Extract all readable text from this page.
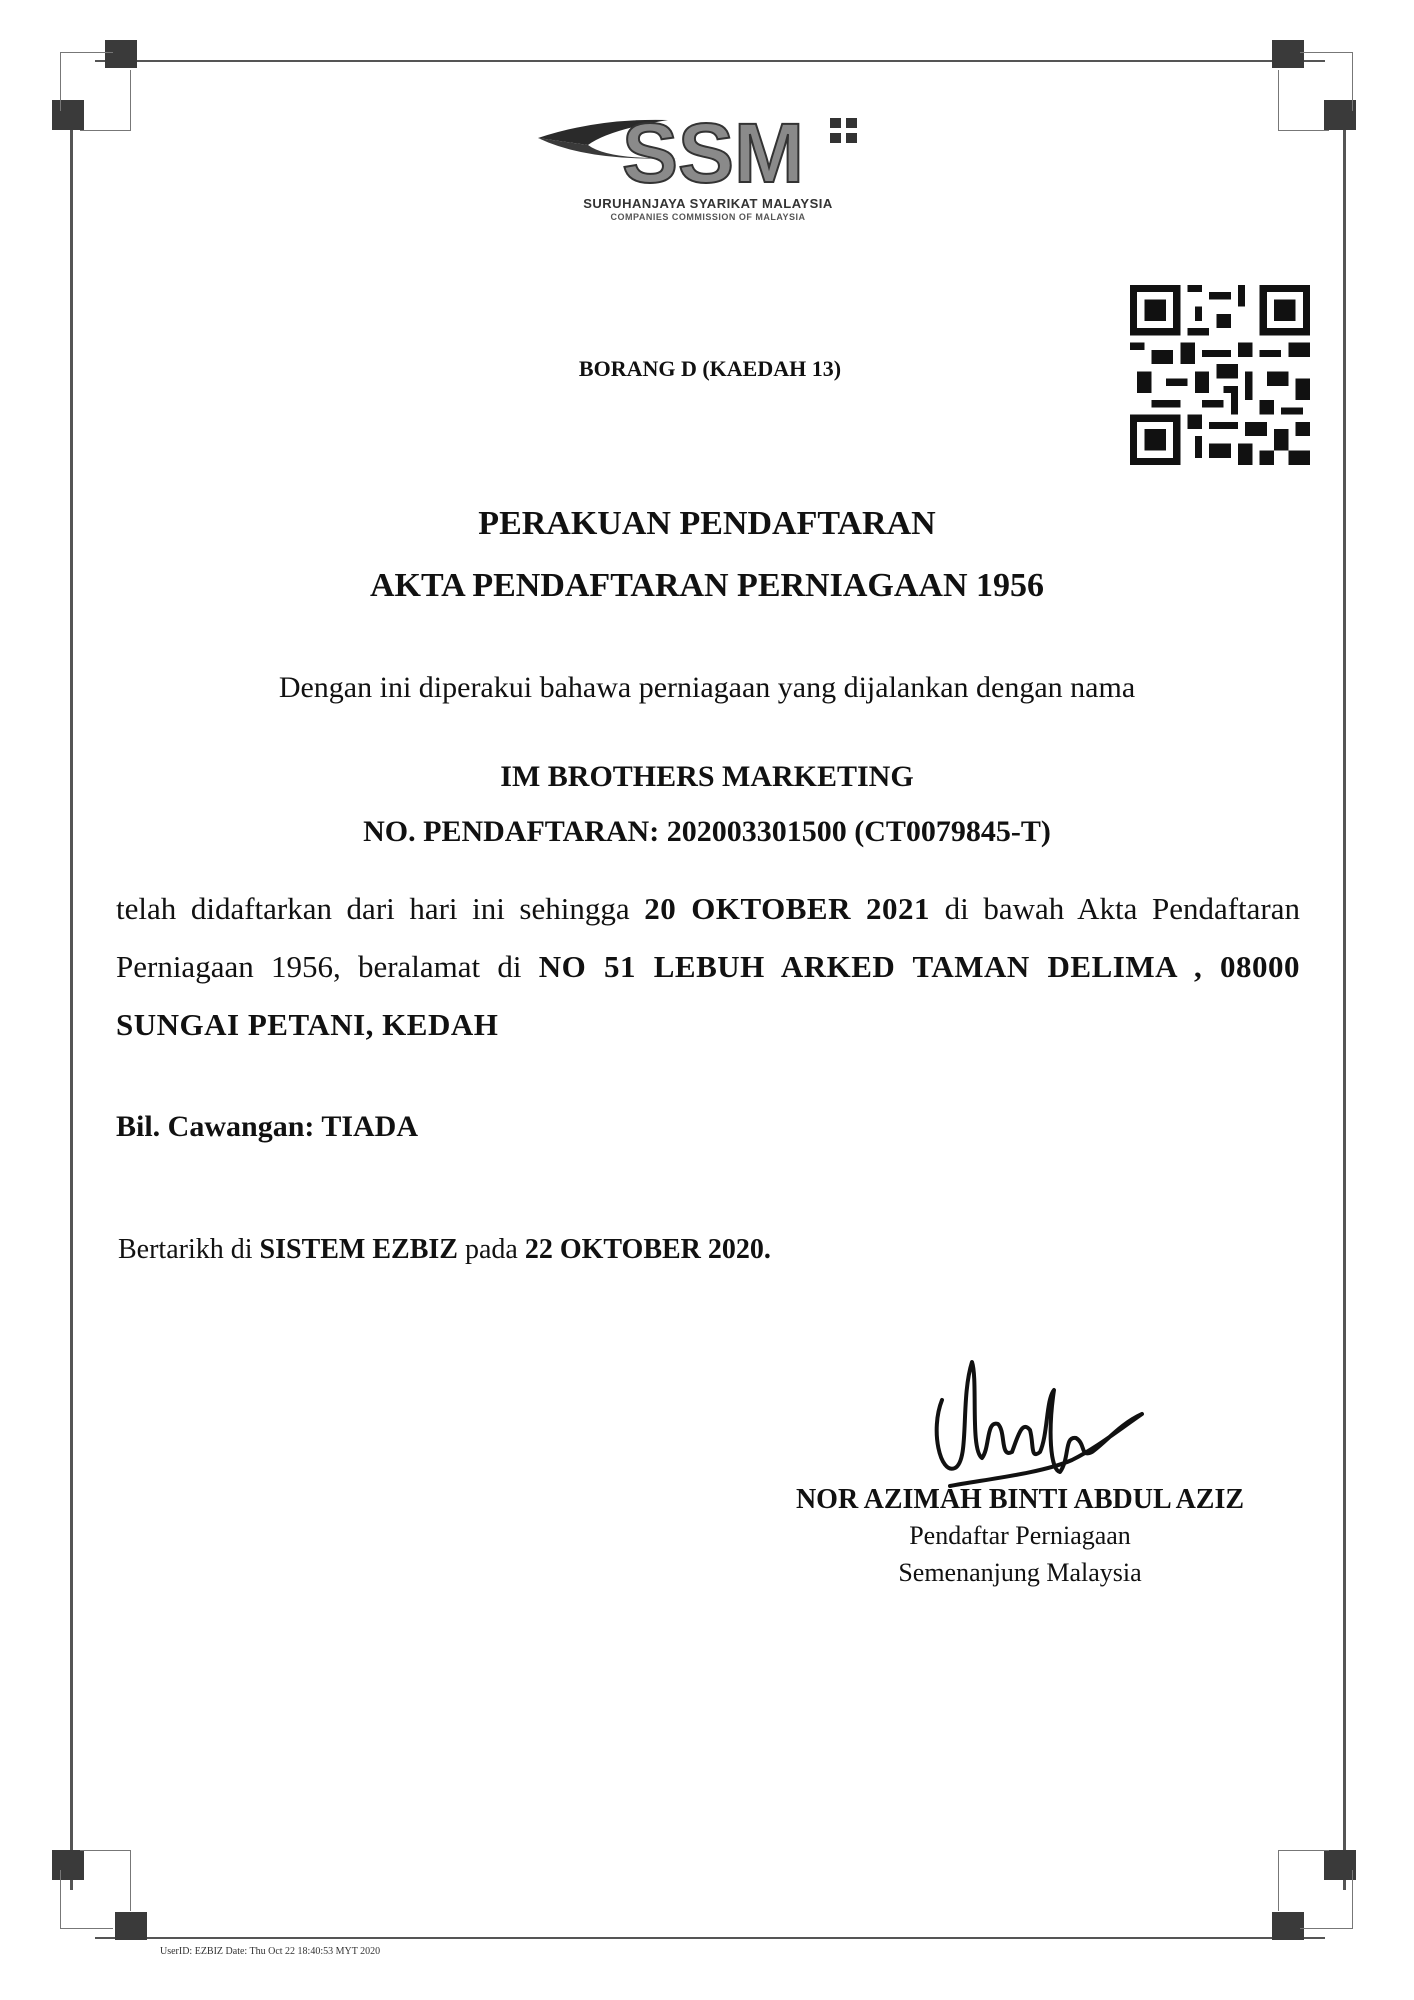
SSM
SURUHANJAYA SYARIKAT MALAYSIA
COMPANIES COMMISSION OF MALAYSIA
BORANG D (KAEDAH 13)
PERAKUAN PENDAFTARAN
AKTA PENDAFTARAN PERNIAGAAN 1956
Dengan ini diperakui bahawa perniagaan yang dijalankan dengan nama
IM BROTHERS MARKETING
NO. PENDAFTARAN: 202003301500 (CT0079845-T)
telah didaftarkan dari hari ini sehingga 20 OKTOBER 2021 di bawah Akta Pendaftaran Perniagaan 1956, beralamat di NO 51 LEBUH ARKED TAMAN DELIMA , 08000 SUNGAI PETANI, KEDAH
Bil. Cawangan: TIADA
Bertarikh di SISTEM EZBIZ pada 22 OKTOBER 2020.
NOR AZIMAH BINTI ABDUL AZIZ
Pendaftar Perniagaan
Semenanjung Malaysia
UserID: EZBIZ Date: Thu Oct 22 18:40:53 MYT 2020
